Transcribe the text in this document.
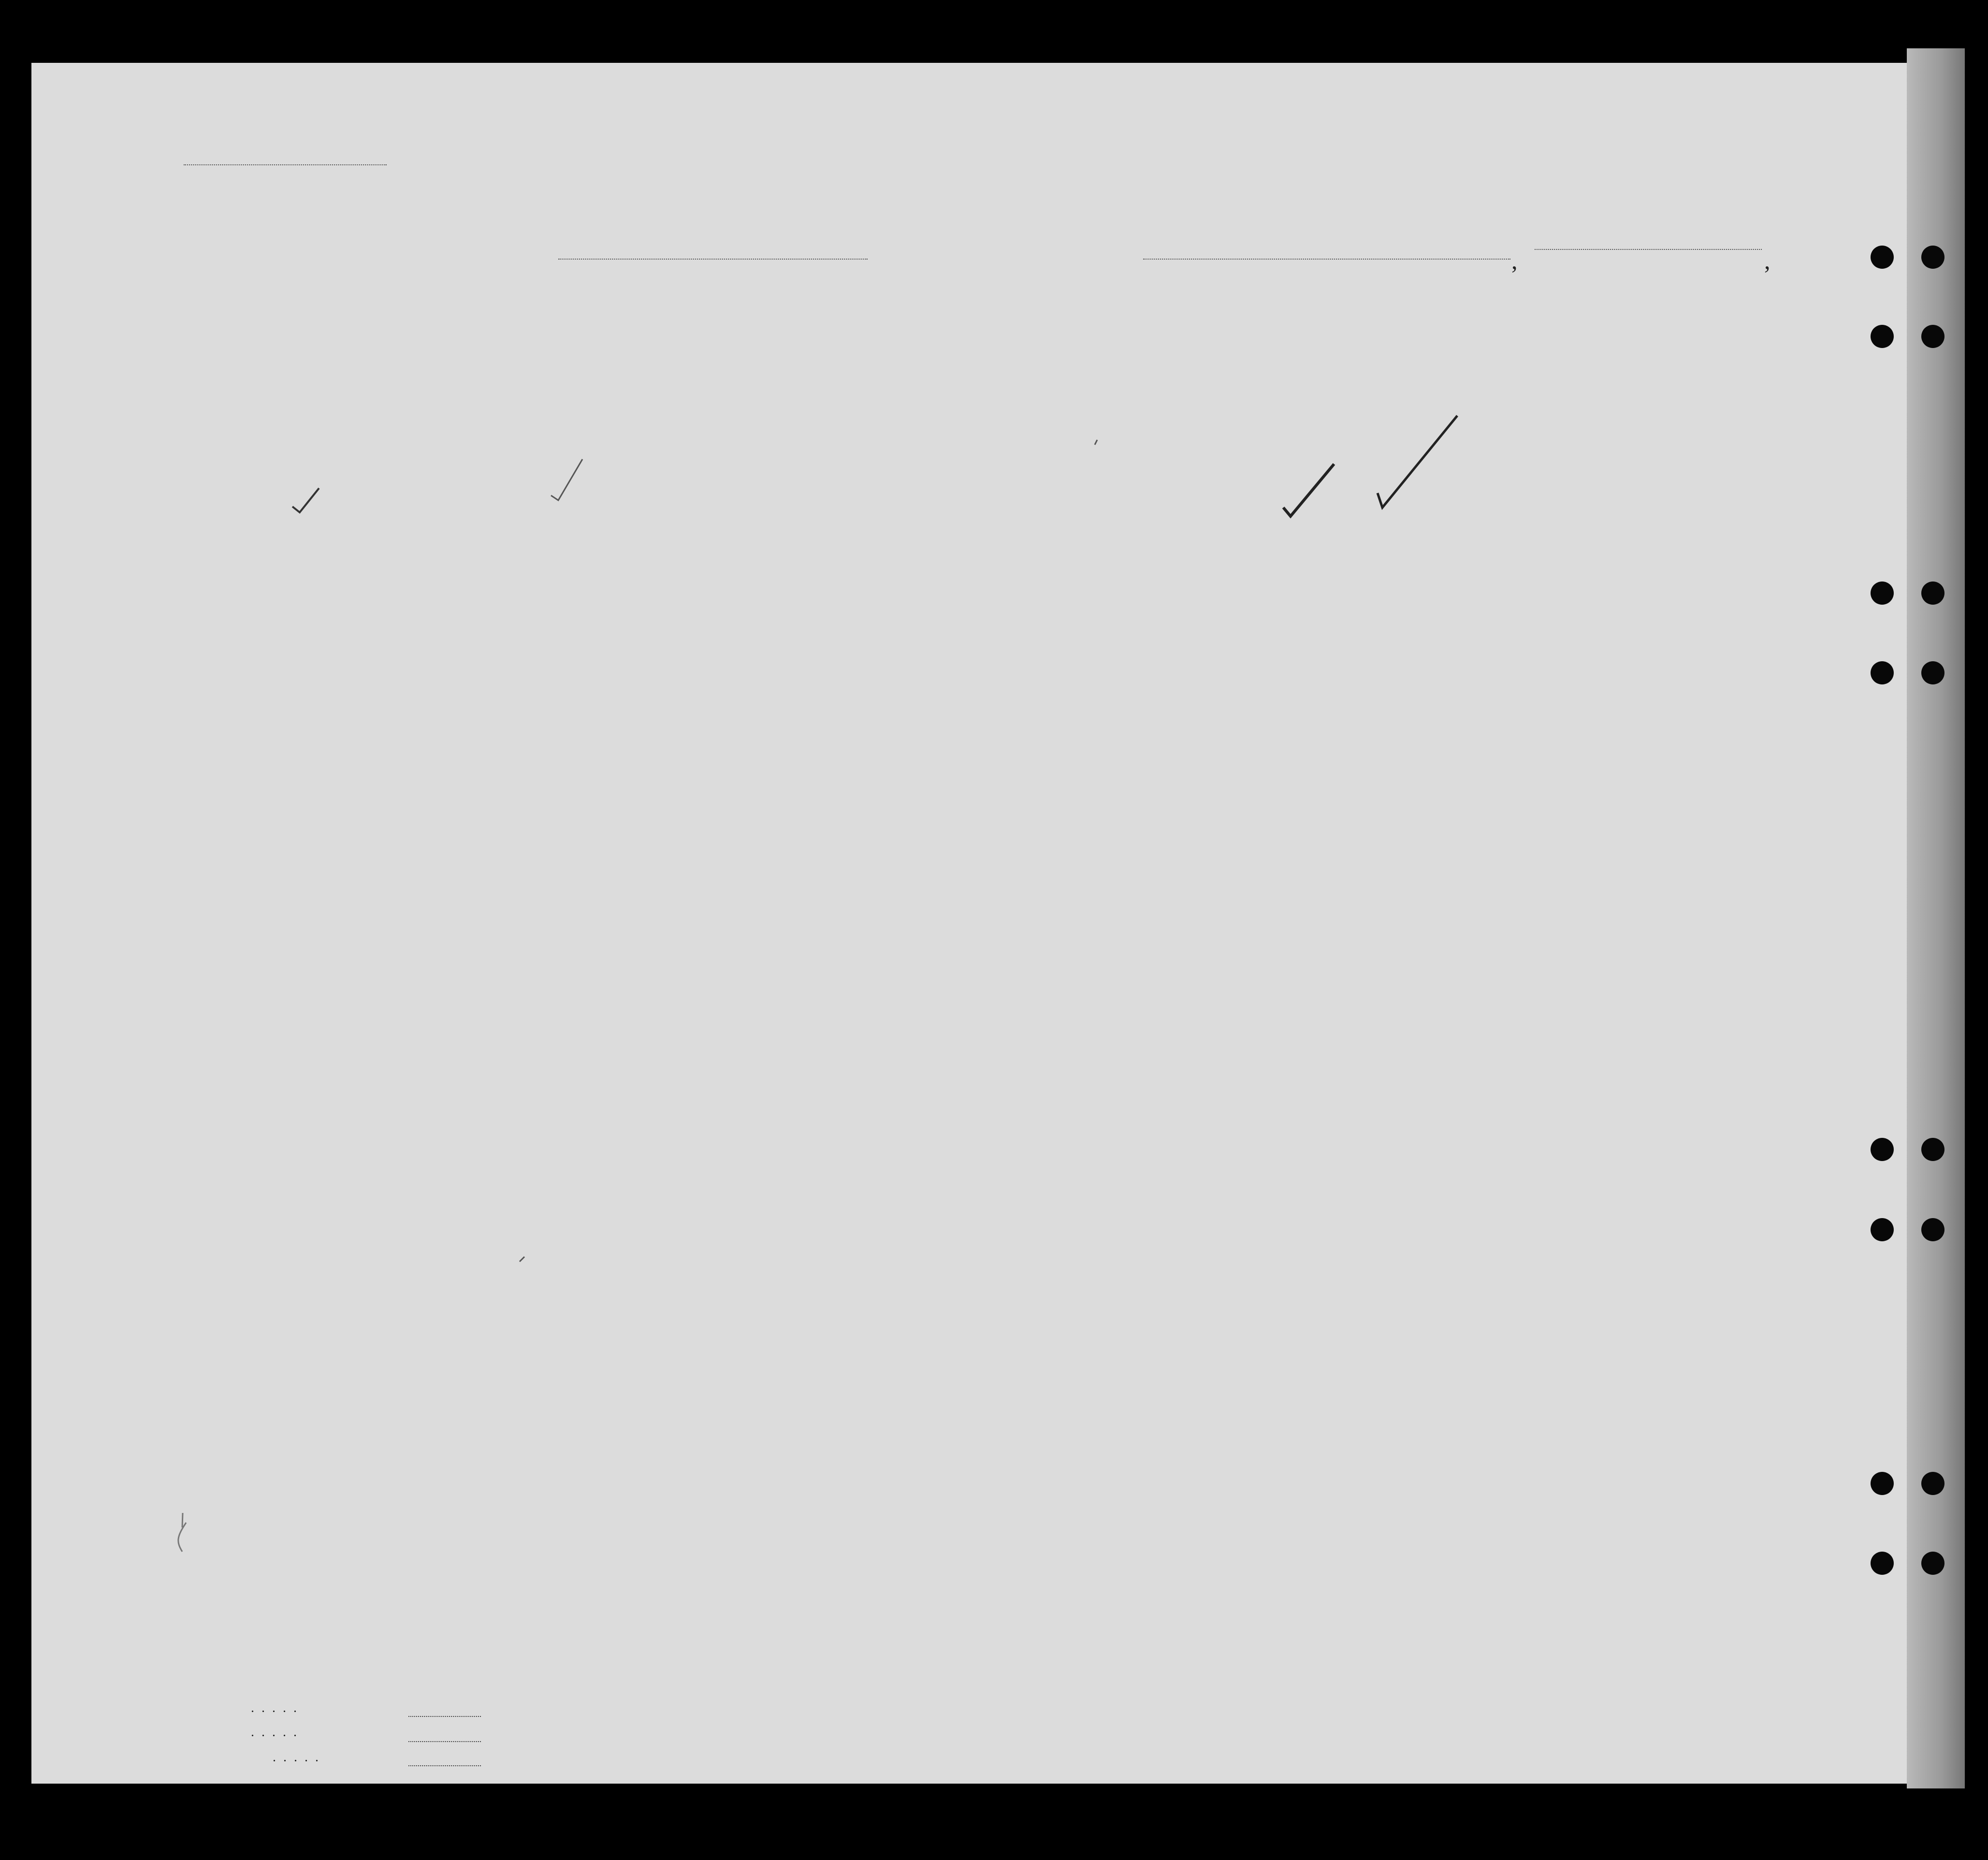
,	,
. . . . .
. . . . .
. . . . .
